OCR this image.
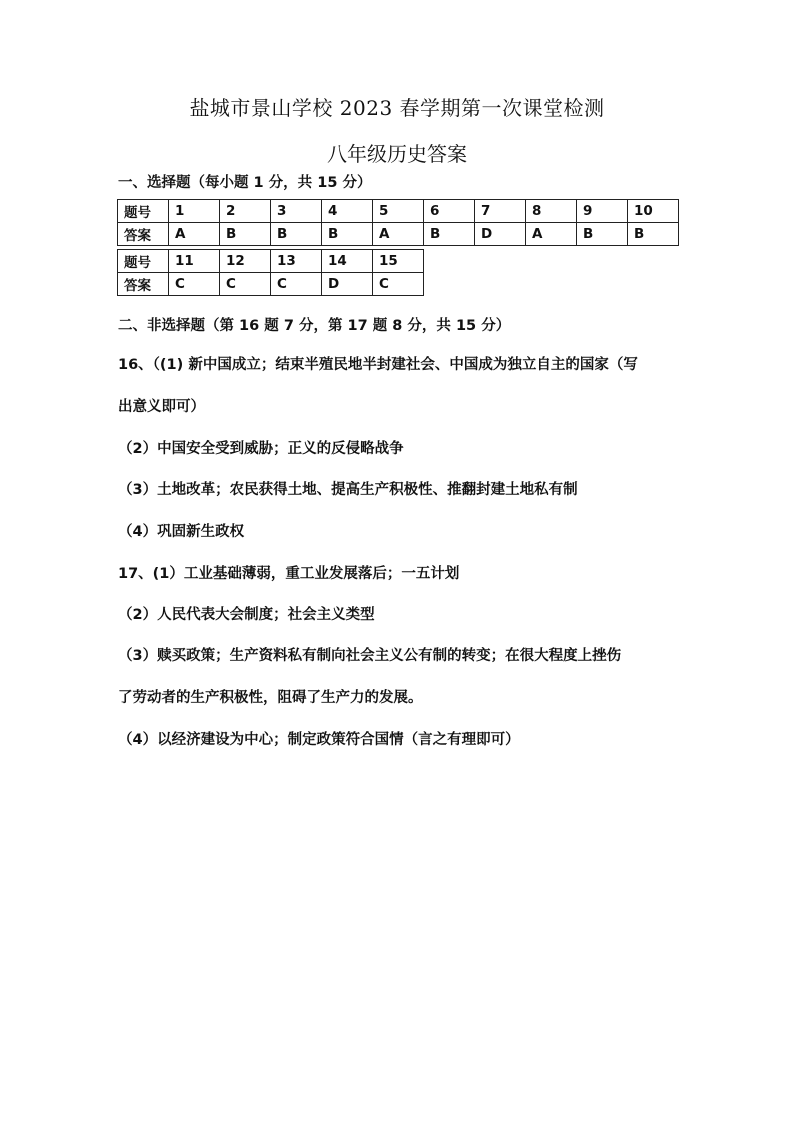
盐城市景山学校 2023 春学期第一次课堂检测
八年级历史答案
一、选择题（每小题 1 分，共 15 分）
题号	1	2	3	4	5	6	7	8	9	10
答案	A	B	B	B	A	B	D	A	B	B
题号	11	12	13	14	15
答案	C	C	C	D	C
二、非选择题（第 16 题 7 分，第 17 题 8 分，共 15 分）
16、（(1) 新中国成立；结束半殖民地半封建社会、中国成为独立自主的国家（写
出意义即可）
（2）中国安全受到威胁；正义的反侵略战争
（3）土地改革；农民获得土地、提高生产积极性、推翻封建土地私有制
（4）巩固新生政权
17、(1）工业基础薄弱，重工业发展落后；一五计划
（2）人民代表大会制度；社会主义类型
（3）赎买政策；生产资料私有制向社会主义公有制的转变；在很大程度上挫伤
了劳动者的生产积极性，阻碍了生产力的发展。
（4）以经济建设为中心；制定政策符合国情（言之有理即可）
